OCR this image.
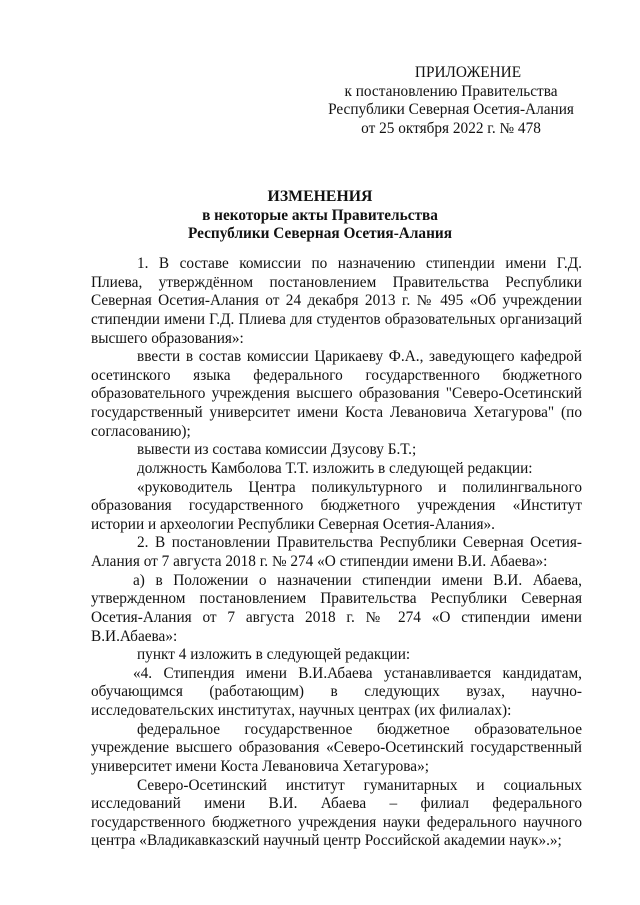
ПРИЛОЖЕНИЕ
к постановлению Правительства
Республики Северная Осетия-Алания
от 25 октября 2022 г. № 478
ИЗМЕНЕНИЯ
в некоторые акты Правительства
Республики Северная Осетия-Алания

1. В составе комиссии по назначению стипендии имени Г.Д. Плиева, утверждённом постановлением Правительства Республики Северная Осетия-Алания от 24 декабря 2013 г. № 495 «Об учреждении стипендии имени Г.Д. Плиева для студентов образовательных организаций высшего образования»:

ввести в состав комиссии Царикаеву Ф.А., заведующего кафедрой осетинского языка федерального государственного бюджетного образовательного учреждения высшего образования "Северо-Осетинский государственный университет имени Коста Левановича Хетагурова" (по согласованию);

вывести из состава комиссии Дзусову Б.Т.;

должность Камболова Т.Т. изложить в следующей редакции:

«руководитель Центра поликультурного и полилингвального образования государственного бюджетного учреждения «Институт истории и археологии Республики Северная Осетия-Алания».

2. В постановлении Правительства Республики Северная Осетия-Алания от 7 августа 2018 г. № 274 «О стипендии имени В.И. Абаева»:

а) в Положении о назначении стипендии имени В.И. Абаева, утвержденном постановлением Правительства Республики Северная Осетия-Алания от 7 августа 2018 г. № 274 «О стипендии имени В.И.Абаева»:

пункт 4 изложить в следующей редакции:

«4. Стипендия имени В.И.Абаева устанавливается кандидатам, обучающимся (работающим) в следующих вузах, научно-исследовательских институтах, научных центрах (их филиалах):

федеральное государственное бюджетное образовательное учреждение высшего образования «Северо-Осетинский государственный университет имени Коста Левановича Хетагурова»;

Северо-Осетинский институт гуманитарных и социальных исследований имени В.И. Абаева – филиал федерального государственного бюджетного учреждения науки федерального научного центра «Владикавказский научный центр Российской академии наук».»;
